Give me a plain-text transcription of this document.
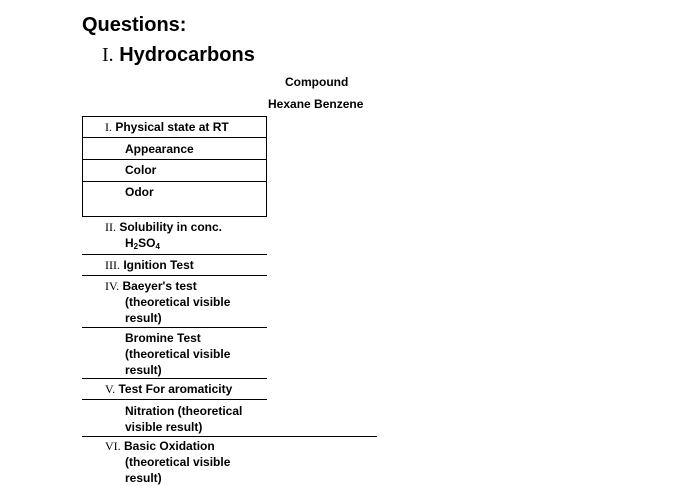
Questions:
I. Hydrocarbons
Compound
Hexane Benzene
I. Physical state at RT
Appearance
Color
Odor
II. Solubility in conc.
$H_2SO_4$
III. Ignition Test
IV. Baeyer's test
(theoretical visible
result)
Bromine Test
(theoretical visible
result)
V. Test For aromaticity
Nitration (theoretical
visible result)
VI. Basic Oxidation
(theoretical visible
result)
